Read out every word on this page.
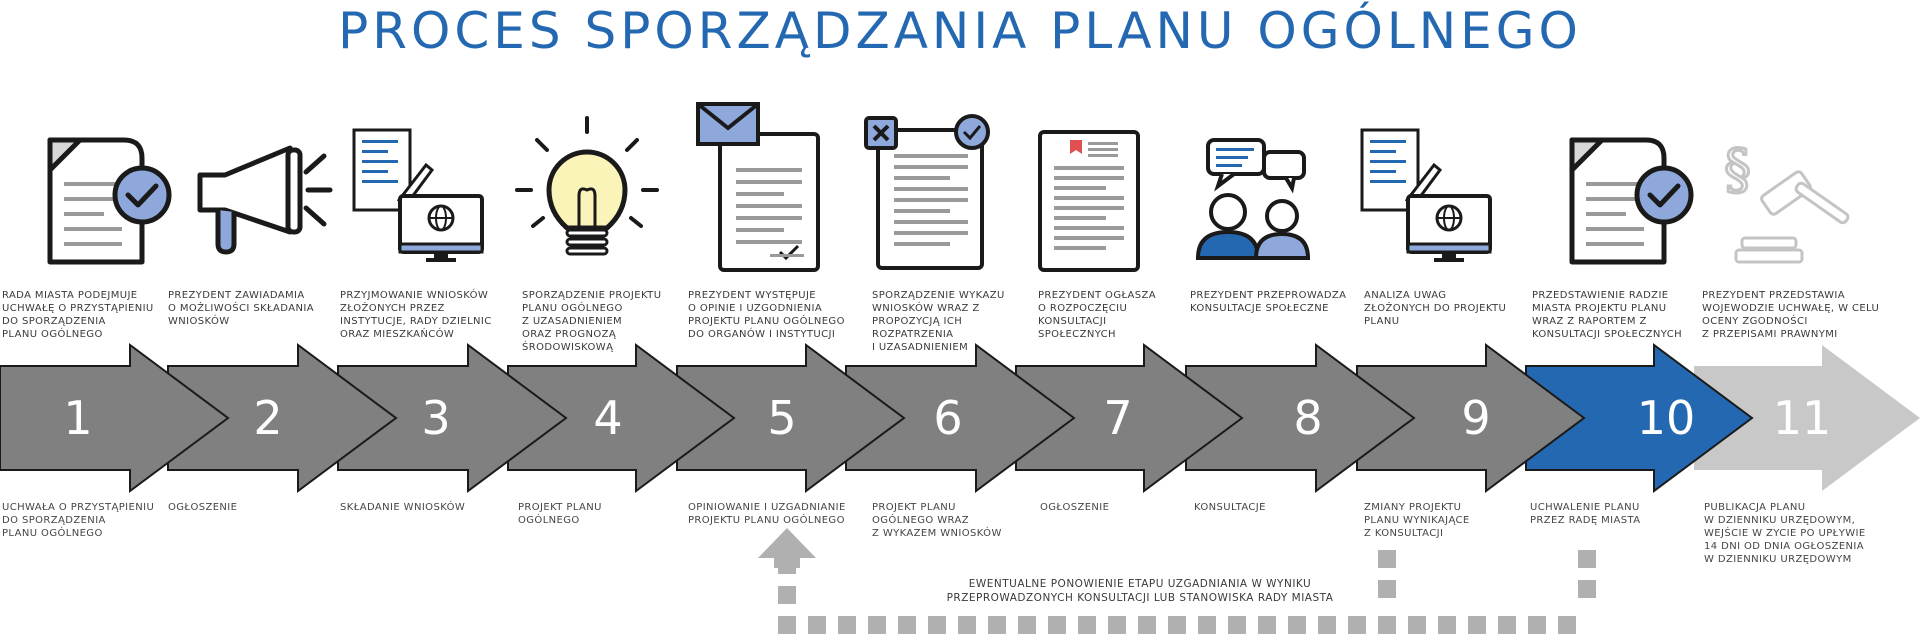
PROCES SPORZĄDZANIA PLANU OGÓLNEGO
1	2	3	4	5	6	7	8	9	10 11
§
RADA MIASTA PODEJMUJE
UCHWAŁĘ O PRZYSTĄPIENIU
DO SPORZĄDZENIA
PLANU OGÓLNEGO
UCHWAŁA O PRZYSTĄPIENIU
DO SPORZĄDZENIA
PLANU OGÓLNEGO
PREZYDENT ZAWIADAMIA
O MOŻLIWOŚCI SKŁADANIA
WNIOSKÓW
OGŁOSZENIE
PRZYJMOWANIE WNIOSKÓW
ZŁOŻONYCH PRZEZ
INSTYTUCJE, RADY DZIELNIC
ORAZ MIESZKAŃCÓW
SKŁADANIE WNIOSKÓW
SPORZĄDZENIE PROJEKTU
PLANU OGÓLNEGO
Z UZASADNIENIEM
ORAZ PROGNOZĄ
ŚRODOWISKOWĄ
PROJEKT PLANU
OGÓLNEGO
PREZYDENT WYSTĘPUJE
O OPINIE I UZGODNIENIA
PROJEKTU PLANU OGÓLNEGO
DO ORGANÓW I INSTYTUCJI
OPINIOWANIE I UZGADNIANIE
PROJEKTU PLANU OGÓLNEGO
SPORZĄDZENIE WYKAZU
WNIOSKÓW WRAZ Z
PROPOZYCJĄ ICH
ROZPATRZENIA
I UZASADNIENIEM
PROJEKT PLANU
OGÓLNEGO WRAZ
Z WYKAZEM WNIOSKÓW
PREZYDENT OGŁASZA
O ROZPOCZĘCIU
KONSULTACJI
SPOŁECZNYCH
OGŁOSZENIE
PREZYDENT PRZEPROWADZA
KONSULTACJE SPOŁECZNE
KONSULTACJE
ANALIZA UWAG
ZŁOŻONYCH DO PROJEKTU
PLANU
ZMIANY PROJEKTU
PLANU WYNIKAJĄCE
Z KONSULTACJI
PRZEDSTAWIENIE RADZIE
MIASTA PROJEKTU PLANU
WRAZ Z RAPORTEM Z
KONSULTACJI SPOŁECZNYCH
UCHWALENIE PLANU
PRZEZ RADĘ MIASTA
PREZYDENT PRZEDSTAWIA
WOJEWODZIE UCHWAŁĘ, W CELU
OCENY ZGODNOŚCI
Z PRZEPISAMI PRAWNYMI
PUBLIKACJA PLANU
W DZIENNIKU URZĘDOWYM,
WEJŚCIE W ZYCIE PO UPŁYWIE
14 DNI OD DNIA OGŁOSZENIA
W DZIENNIKU URZĘDOWYM
EWENTUALNE PONOWIENIE ETAPU UZGADNIANIA W WYNIKU
PRZEPROWADZONYCH KONSULTACJI LUB STANOWISKA RADY MIASTA
